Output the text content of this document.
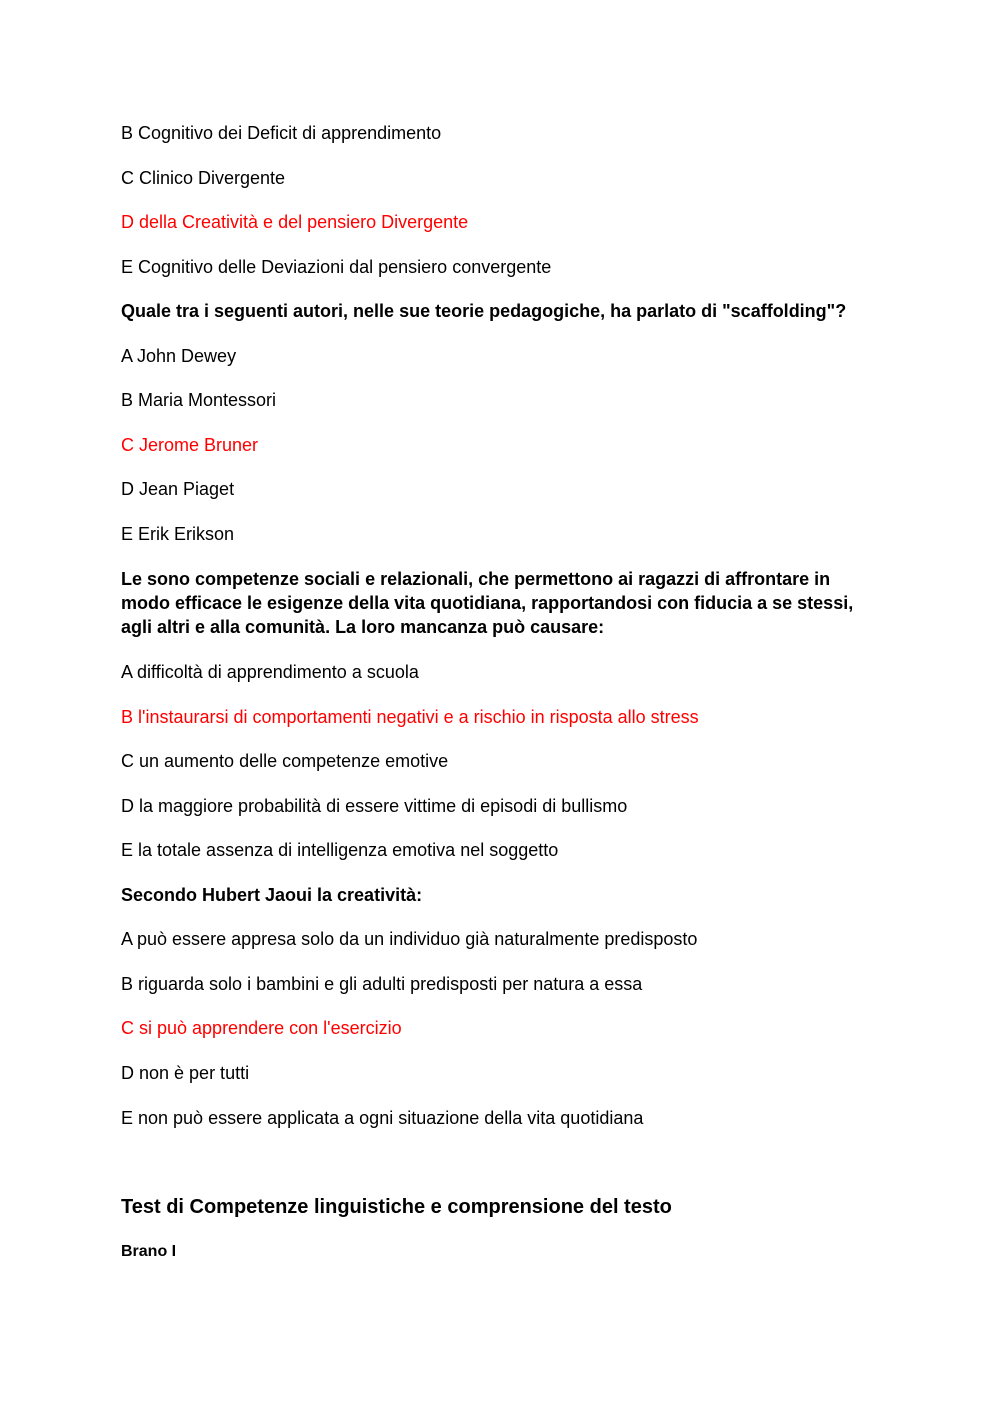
B Cognitivo dei Deficit di apprendimento
C Clinico Divergente
D della Creatività e del pensiero Divergente
E Cognitivo delle Deviazioni dal pensiero convergente
Quale tra i seguenti autori, nelle sue teorie pedagogiche, ha parlato di "scaffolding"?
A John Dewey
B Maria Montessori
C Jerome Bruner
D Jean Piaget
E Erik Erikson
Le sono competenze sociali e relazionali, che permettono ai ragazzi di affrontare in modo efficace le esigenze della vita quotidiana, rapportandosi con fiducia a se stessi, agli altri e alla comunità. La loro mancanza può causare:
A difficoltà di apprendimento a scuola
B l'instaurarsi di comportamenti negativi e a rischio in risposta allo stress
C un aumento delle competenze emotive
D la maggiore probabilità di essere vittime di episodi di bullismo
E la totale assenza di intelligenza emotiva nel soggetto
Secondo Hubert Jaoui la creatività:
A può essere appresa solo da un individuo già naturalmente predisposto
B riguarda solo i bambini e gli adulti predisposti per natura a essa
C si può apprendere con l'esercizio
D non è per tutti
E non può essere applicata a ogni situazione della vita quotidiana
Test di Competenze linguistiche e comprensione del testo
Brano I
